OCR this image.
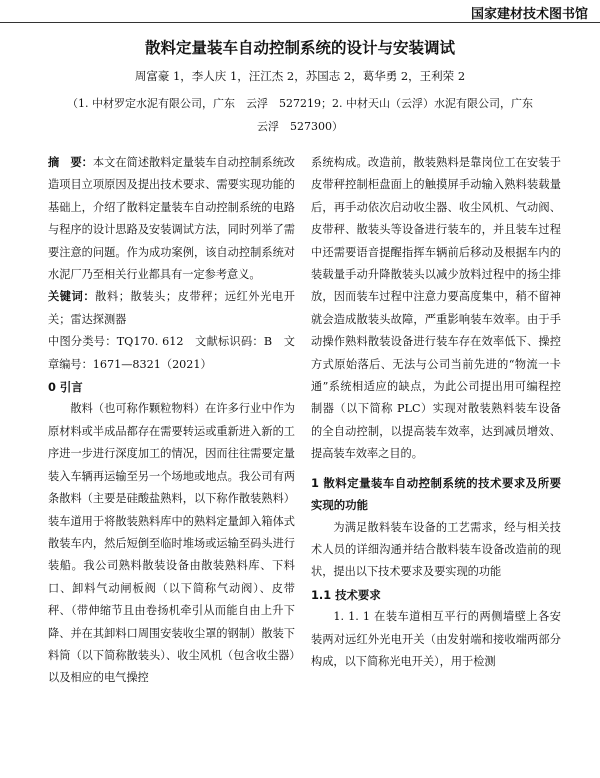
国家建材技术图书馆
散料定量装车自动控制系统的设计与安装调试
周富豪 1，李人庆 1，汪江杰 2，苏国志 2，葛华勇 2，王利荣 2
（1. 中材罗定水泥有限公司，广东　云浮　527219；2. 中材天山（云浮）水泥有限公司，广东　云浮　527300）

摘　要：本文在简述散料定量装车自动控制系统改造项目立项原因及提出技术要求、需要实现功能的基础上，介绍了散料定量装车自动控制系统的电路与程序的设计思路及安装调试方法，同时列举了需要注意的问题。作为成功案例，该自动控制系统对水泥厂乃至相关行业都具有一定参考意义。

关键词：散料；散装头；皮带秤；远红外光电开关；雷达探测器

中图分类号：TQ170. 612　文献标识码：B　文章编号：1671—8321（2021）

0 引言

散料（也可称作颗粒物料）在许多行业中作为原材料或半成品都存在需要转运或重新进入新的工序进一步进行深度加工的情况，因而往往需要定量装入车辆再运输至另一个场地或地点。我公司有两条散料（主要是硅酸盐熟料，以下称作散装熟料）装车道用于将散装熟料库中的熟料定量卸入箱体式散装车内，然后短倒至临时堆场或运输至码头进行装船。我公司熟料散装设备由散装熟料库、下料口、卸料气动闸板阀（以下简称气动阀）、皮带秤、（带伸缩节且由卷扬机牵引从而能自由上升下降、并在其卸料口周围安装收尘罩的钢制）散装下料筒（以下简称散装头）、收尘风机（包含收尘器）以及相应的电气操控

系统构成。改造前，散装熟料是靠岗位工在安装于皮带秤控制柜盘面上的触摸屏手动输入熟料装载量后，再手动依次启动收尘器、收尘风机、气动阀、皮带秤、散装头等设备进行装车的，并且装车过程中还需要语音提醒指挥车辆前后移动及根据车内的装载量手动升降散装头以减少放料过程中的扬尘排放，因而装车过程中注意力要高度集中，稍不留神就会造成散装头故障，严重影响装车效率。由于手动操作熟料散装设备进行装车存在效率低下、操控方式原始落后、无法与公司当前先进的“物流一卡通”系统相适应的缺点，为此公司提出用可编程控制器（以下简称 PLC）实现对散装熟料装车设备的全自动控制，以提高装车效率，达到减员增效、提高装车效率之目的。

1 散料定量装车自动控制系统的技术要求及所要实现的功能

为满足散料装车设备的工艺需求，经与相关技术人员的详细沟通并结合散料装车设备改造前的现状，提出以下技术要求及要实现的功能

1.1 技术要求

1. 1. 1 在装车道相互平行的两侧墙壁上各安装两对远红外光电开关（由发射端和接收端两部分构成，以下简称光电开关），用于检测
